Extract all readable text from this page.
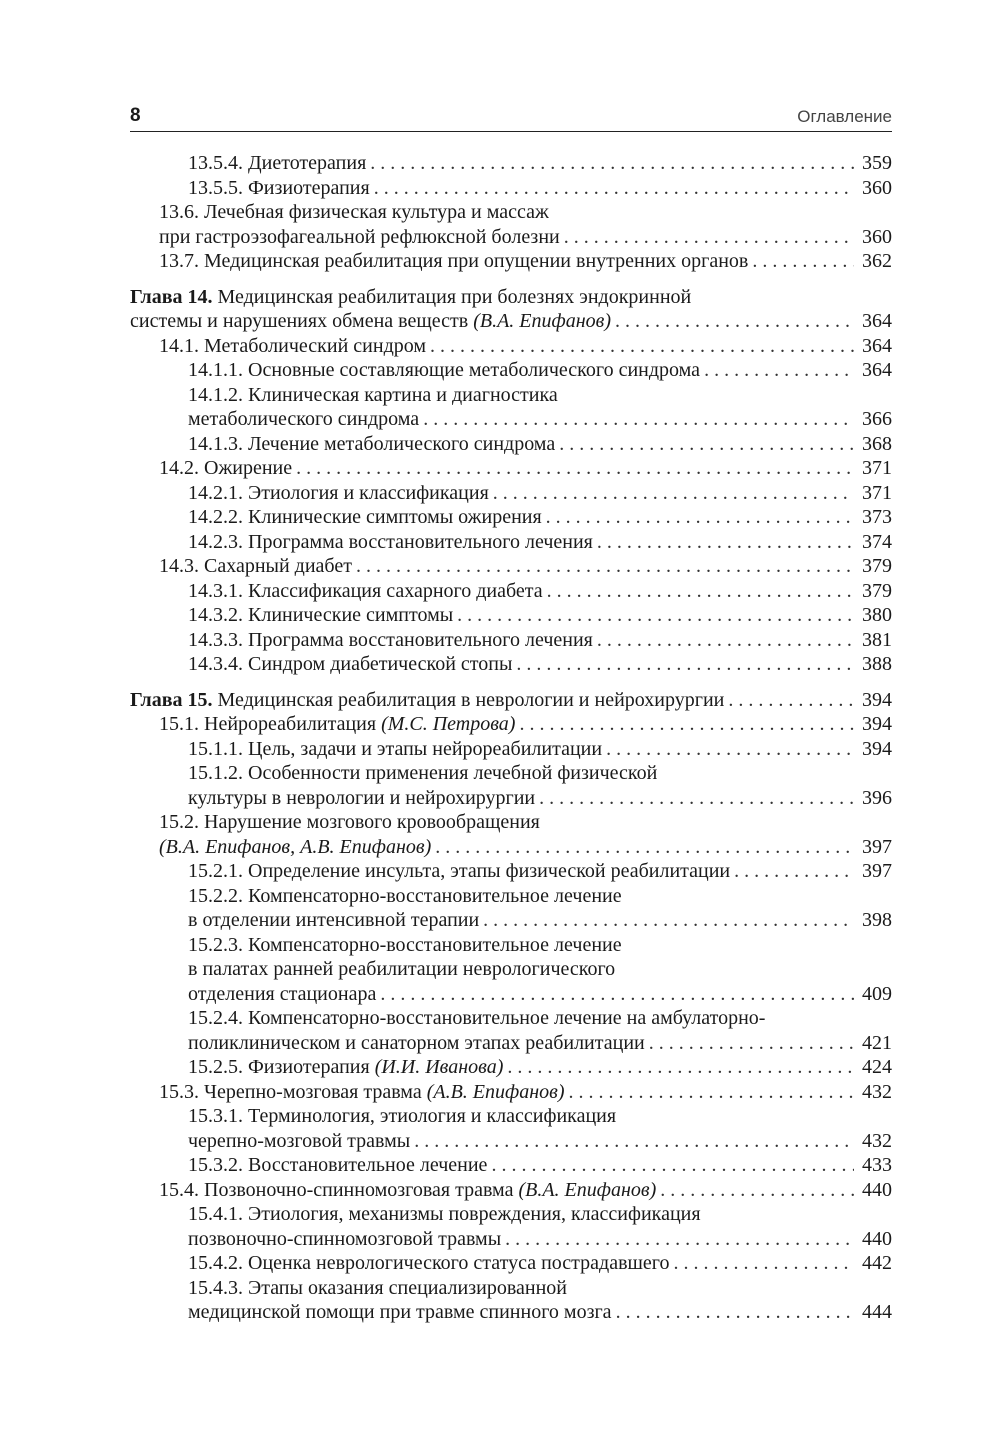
8	Оглавление
13.5.4. Диетотерапия . . .	359
13.5.5. Физиотерапия . . .	360
13.6. Лечебная физическая культура и массаж
при гастроэзофагеальной рефлюксной болезни . . .	360
13.7. Медицинская реабилитация при опущении внутренних органов . . .	362
Глава 14. Медицинская реабилитация при болезнях эндокринной
системы и нарушениях обмена веществ (В.А. Епифанов) . . .	364
14.1. Метаболический синдром . . .	364
14.1.1. Основные составляющие метаболического синдрома . . .	364
14.1.2. Клиническая картина и диагностика
метаболического синдрома . . .	366
14.1.3. Лечение метаболического синдрома . . .	368
14.2. Ожирение . . .	371
14.2.1. Этиология и классификация . . .	371
14.2.2. Клинические симптомы ожирения . . .	373
14.2.3. Программа восстановительного лечения . . .	374
14.3. Сахарный диабет . . .	379
14.3.1. Классификация сахарного диабета . . .	379
14.3.2. Клинические симптомы . . .	380
14.3.3. Программа восстановительного лечения . . .	381
14.3.4. Синдром диабетической стопы . . .	388
Глава 15. Медицинская реабилитация в неврологии и нейрохирургии . . .	394
15.1. Нейрореабилитация (М.С. Петрова) . . .	394
15.1.1. Цель, задачи и этапы нейрореабилитации . . .	394
15.1.2. Особенности применения лечебной физической
культуры в неврологии и нейрохирургии . . .	396
15.2. Нарушение мозгового кровообращения
(В.А. Епифанов, А.В. Епифанов) . . .	397
15.2.1. Определение инсульта, этапы физической реабилитации . . .	397
15.2.2. Компенсаторно-восстановительное лечение
в отделении интенсивной терапии . . .	398
15.2.3. Компенсаторно-восстановительное лечение
в палатах ранней реабилитации неврологического
отделения стационара . . .	409
15.2.4. Компенсаторно-восстановительное лечение на амбулаторно-
поликлиническом и санаторном этапах реабилитации . . .	421
15.2.5. Физиотерапия (И.И. Иванова) . . .	424
15.3. Черепно-мозговая травма (А.В. Епифанов) . . .	432
15.3.1. Терминология, этиология и классификация
черепно-мозговой травмы . . .	432
15.3.2. Восстановительное лечение . . .	433
15.4. Позвоночно-спинномозговая травма (В.А. Епифанов) . . .	440
15.4.1. Этиология, механизмы повреждения, классификация
позвоночно-спинномозговой травмы . . .	440
15.4.2. Оценка неврологического статуса пострадавшего . . .	442
15.4.3. Этапы оказания специализированной
медицинской помощи при травме спинного мозга . . .	444
